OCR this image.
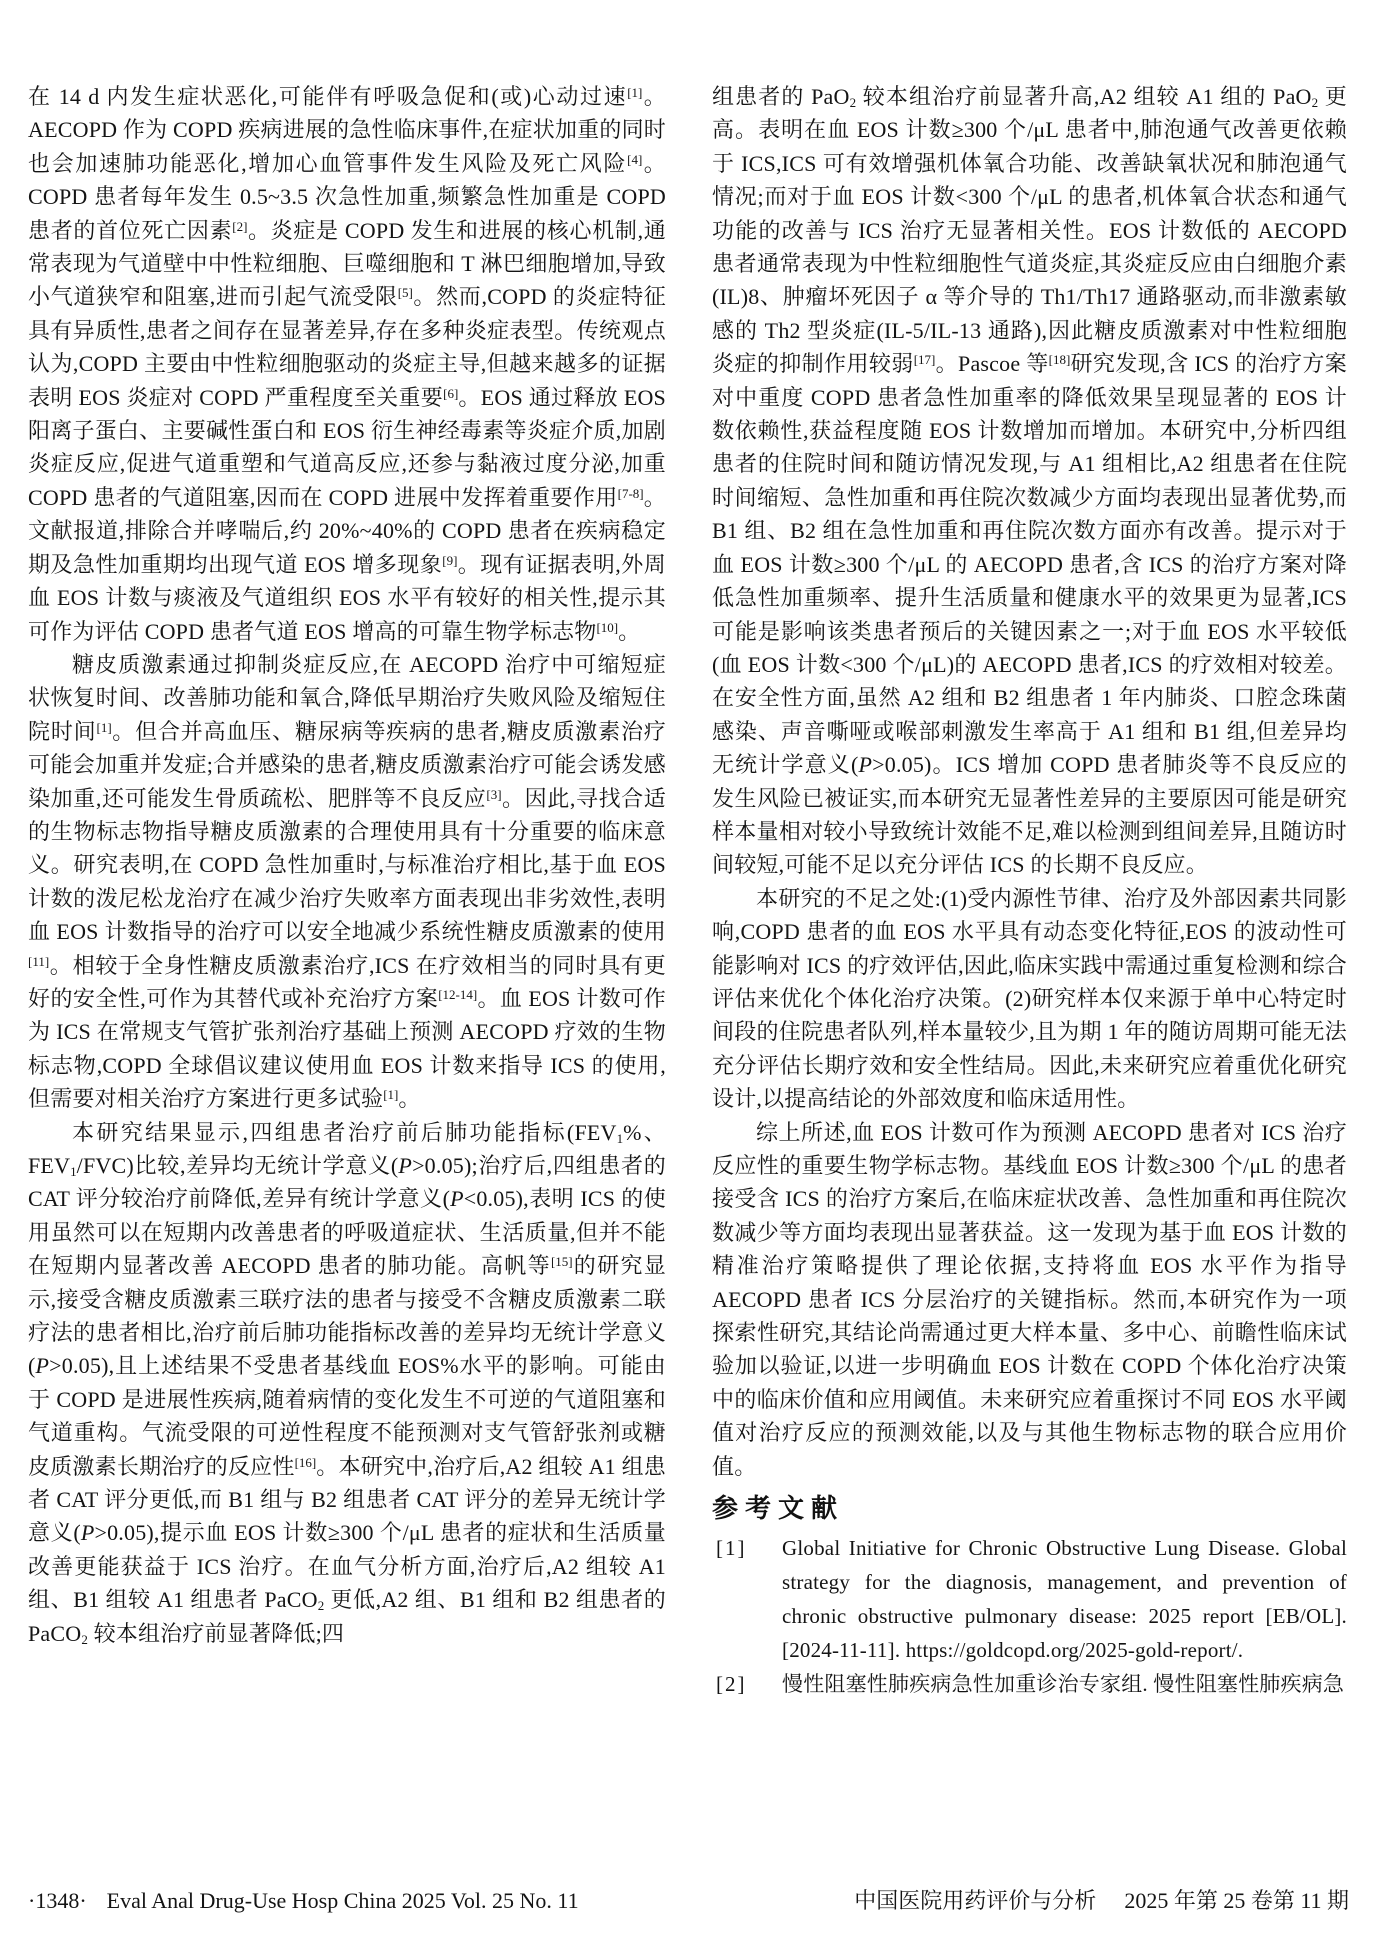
在 14 d 内发生症状恶化,可能伴有呼吸急促和(或)心动过速[1]。AECOPD 作为 COPD 疾病进展的急性临床事件,在症状加重的同时也会加速肺功能恶化,增加心血管事件发生风险及死亡风险[4]。COPD 患者每年发生 0.5~3.5 次急性加重,频繁急性加重是 COPD 患者的首位死亡因素[2]。炎症是 COPD 发生和进展的核心机制,通常表现为气道壁中中性粒细胞、巨噬细胞和 T 淋巴细胞增加,导致小气道狭窄和阻塞,进而引起气流受限[5]。然而,COPD 的炎症特征具有异质性,患者之间存在显著差异,存在多种炎症表型。传统观点认为,COPD 主要由中性粒细胞驱动的炎症主导,但越来越多的证据表明 EOS 炎症对 COPD 严重程度至关重要[6]。EOS 通过释放 EOS 阳离子蛋白、主要碱性蛋白和 EOS 衍生神经毒素等炎症介质,加剧炎症反应,促进气道重塑和气道高反应,还参与黏液过度分泌,加重 COPD 患者的气道阻塞,因而在 COPD 进展中发挥着重要作用[7-8]。文献报道,排除合并哮喘后,约 20%~40%的 COPD 患者在疾病稳定期及急性加重期均出现气道 EOS 增多现象[9]。现有证据表明,外周血 EOS 计数与痰液及气道组织 EOS 水平有较好的相关性,提示其可作为评估 COPD 患者气道 EOS 增高的可靠生物学标志物[10]。

糖皮质激素通过抑制炎症反应,在 AECOPD 治疗中可缩短症状恢复时间、改善肺功能和氧合,降低早期治疗失败风险及缩短住院时间[1]。但合并高血压、糖尿病等疾病的患者,糖皮质激素治疗可能会加重并发症;合并感染的患者,糖皮质激素治疗可能会诱发感染加重,还可能发生骨质疏松、肥胖等不良反应[3]。因此,寻找合适的生物标志物指导糖皮质激素的合理使用具有十分重要的临床意义。研究表明,在 COPD 急性加重时,与标准治疗相比,基于血 EOS 计数的泼尼松龙治疗在减少治疗失败率方面表现出非劣效性,表明血 EOS 计数指导的治疗可以安全地减少系统性糖皮质激素的使用[11]。相较于全身性糖皮质激素治疗,ICS 在疗效相当的同时具有更好的安全性,可作为其替代或补充治疗方案[12-14]。血 EOS 计数可作为 ICS 在常规支气管扩张剂治疗基础上预测 AECOPD 疗效的生物标志物,COPD 全球倡议建议使用血 EOS 计数来指导 ICS 的使用,但需要对相关治疗方案进行更多试验[1]。

本研究结果显示,四组患者治疗前后肺功能指标($FEV_1\%$、$FEV_1/FVC$)比较,差异均无统计学意义(P>0.05);治疗后,四组患者的 CAT 评分较治疗前降低,差异有统计学意义(P<0.05),表明 ICS 的使用虽然可以在短期内改善患者的呼吸道症状、生活质量,但并不能在短期内显著改善 AECOPD 患者的肺功能。高帆等[15]的研究显示,接受含糖皮质激素三联疗法的患者与接受不含糖皮质激素二联疗法的患者相比,治疗前后肺功能指标改善的差异均无统计学意义(P>0.05),且上述结果不受患者基线血 EOS%水平的影响。可能由于 COPD 是进展性疾病,随着病情的变化发生不可逆的气道阻塞和气道重构。气流受限的可逆性程度不能预测对支气管舒张剂或糖皮质激素长期治疗的反应性[16]。本研究中,治疗后,A2 组较 A1 组患者 CAT 评分更低,而 B1 组与 B2 组患者 CAT 评分的差异无统计学意义(P>0.05),提示血 EOS 计数≥300 个/μL 患者的症状和生活质量改善更能获益于 ICS 治疗。在血气分析方面,治疗后,A2 组较 A1 组、B1 组较 A1 组患者 PaCO$_2$ 更低,A2 组、B1 组和 B2 组患者的 PaCO$_2$ 较本组治疗前显著降低;四

组患者的 PaO$_2$ 较本组治疗前显著升高,A2 组较 A1 组的 PaO$_2$ 更高。表明在血 EOS 计数≥300 个/μL 患者中,肺泡通气改善更依赖于 ICS,ICS 可有效增强机体氧合功能、改善缺氧状况和肺泡通气情况;而对于血 EOS 计数<300 个/μL 的患者,机体氧合状态和通气功能的改善与 ICS 治疗无显著相关性。EOS 计数低的 AECOPD 患者通常表现为中性粒细胞性气道炎症,其炎症反应由白细胞介素(IL)8、肿瘤坏死因子 α 等介导的 Th1/Th17 通路驱动,而非激素敏感的 Th2 型炎症(IL-5/IL-13 通路),因此糖皮质激素对中性粒细胞炎症的抑制作用较弱[17]。Pascoe 等[18]研究发现,含 ICS 的治疗方案对中重度 COPD 患者急性加重率的降低效果呈现显著的 EOS 计数依赖性,获益程度随 EOS 计数增加而增加。本研究中,分析四组患者的住院时间和随访情况发现,与 A1 组相比,A2 组患者在住院时间缩短、急性加重和再住院次数减少方面均表现出显著优势,而 B1 组、B2 组在急性加重和再住院次数方面亦有改善。提示对于血 EOS 计数≥300 个/μL 的 AECOPD 患者,含 ICS 的治疗方案对降低急性加重频率、提升生活质量和健康水平的效果更为显著,ICS 可能是影响该类患者预后的关键因素之一;对于血 EOS 水平较低(血 EOS 计数<300 个/μL)的 AECOPD 患者,ICS 的疗效相对较差。在安全性方面,虽然 A2 组和 B2 组患者 1 年内肺炎、口腔念珠菌感染、声音嘶哑或喉部刺激发生率高于 A1 组和 B1 组,但差异均无统计学意义(P>0.05)。ICS 增加 COPD 患者肺炎等不良反应的发生风险已被证实,而本研究无显著性差异的主要原因可能是研究样本量相对较小导致统计效能不足,难以检测到组间差异,且随访时间较短,可能不足以充分评估 ICS 的长期不良反应。

本研究的不足之处:(1)受内源性节律、治疗及外部因素共同影响,COPD 患者的血 EOS 水平具有动态变化特征,EOS 的波动性可能影响对 ICS 的疗效评估,因此,临床实践中需通过重复检测和综合评估来优化个体化治疗决策。(2)研究样本仅来源于单中心特定时间段的住院患者队列,样本量较少,且为期 1 年的随访周期可能无法充分评估长期疗效和安全性结局。因此,未来研究应着重优化研究设计,以提高结论的外部效度和临床适用性。

综上所述,血 EOS 计数可作为预测 AECOPD 患者对 ICS 治疗反应性的重要生物学标志物。基线血 EOS 计数≥300 个/μL 的患者接受含 ICS 的治疗方案后,在临床症状改善、急性加重和再住院次数减少等方面均表现出显著获益。这一发现为基于血 EOS 计数的精准治疗策略提供了理论依据,支持将血 EOS 水平作为指导 AECOPD 患者 ICS 分层治疗的关键指标。然而,本研究作为一项探索性研究,其结论尚需通过更大样本量、多中心、前瞻性临床试验加以验证,以进一步明确血 EOS 计数在 COPD 个体化治疗决策中的临床价值和应用阈值。未来研究应着重探讨不同 EOS 水平阈值对治疗反应的预测效能,以及与其他生物标志物的联合应用价值。

参考文献
[1] Global Initiative for Chronic Obstructive Lung Disease. Global strategy for the diagnosis, management, and prevention of chronic obstructive pulmonary disease: 2025 report [EB/OL]. [2024-11-11]. https://goldcopd.org/2025-gold-report/.
[2] 慢性阻塞性肺疾病急性加重诊治专家组. 慢性阻塞性肺疾病急
·1348· Eval Anal Drug-Use Hosp China 2025 Vol. 25 No. 11	中国医院用药评价与分析 2025 年第 25 卷第 11 期
